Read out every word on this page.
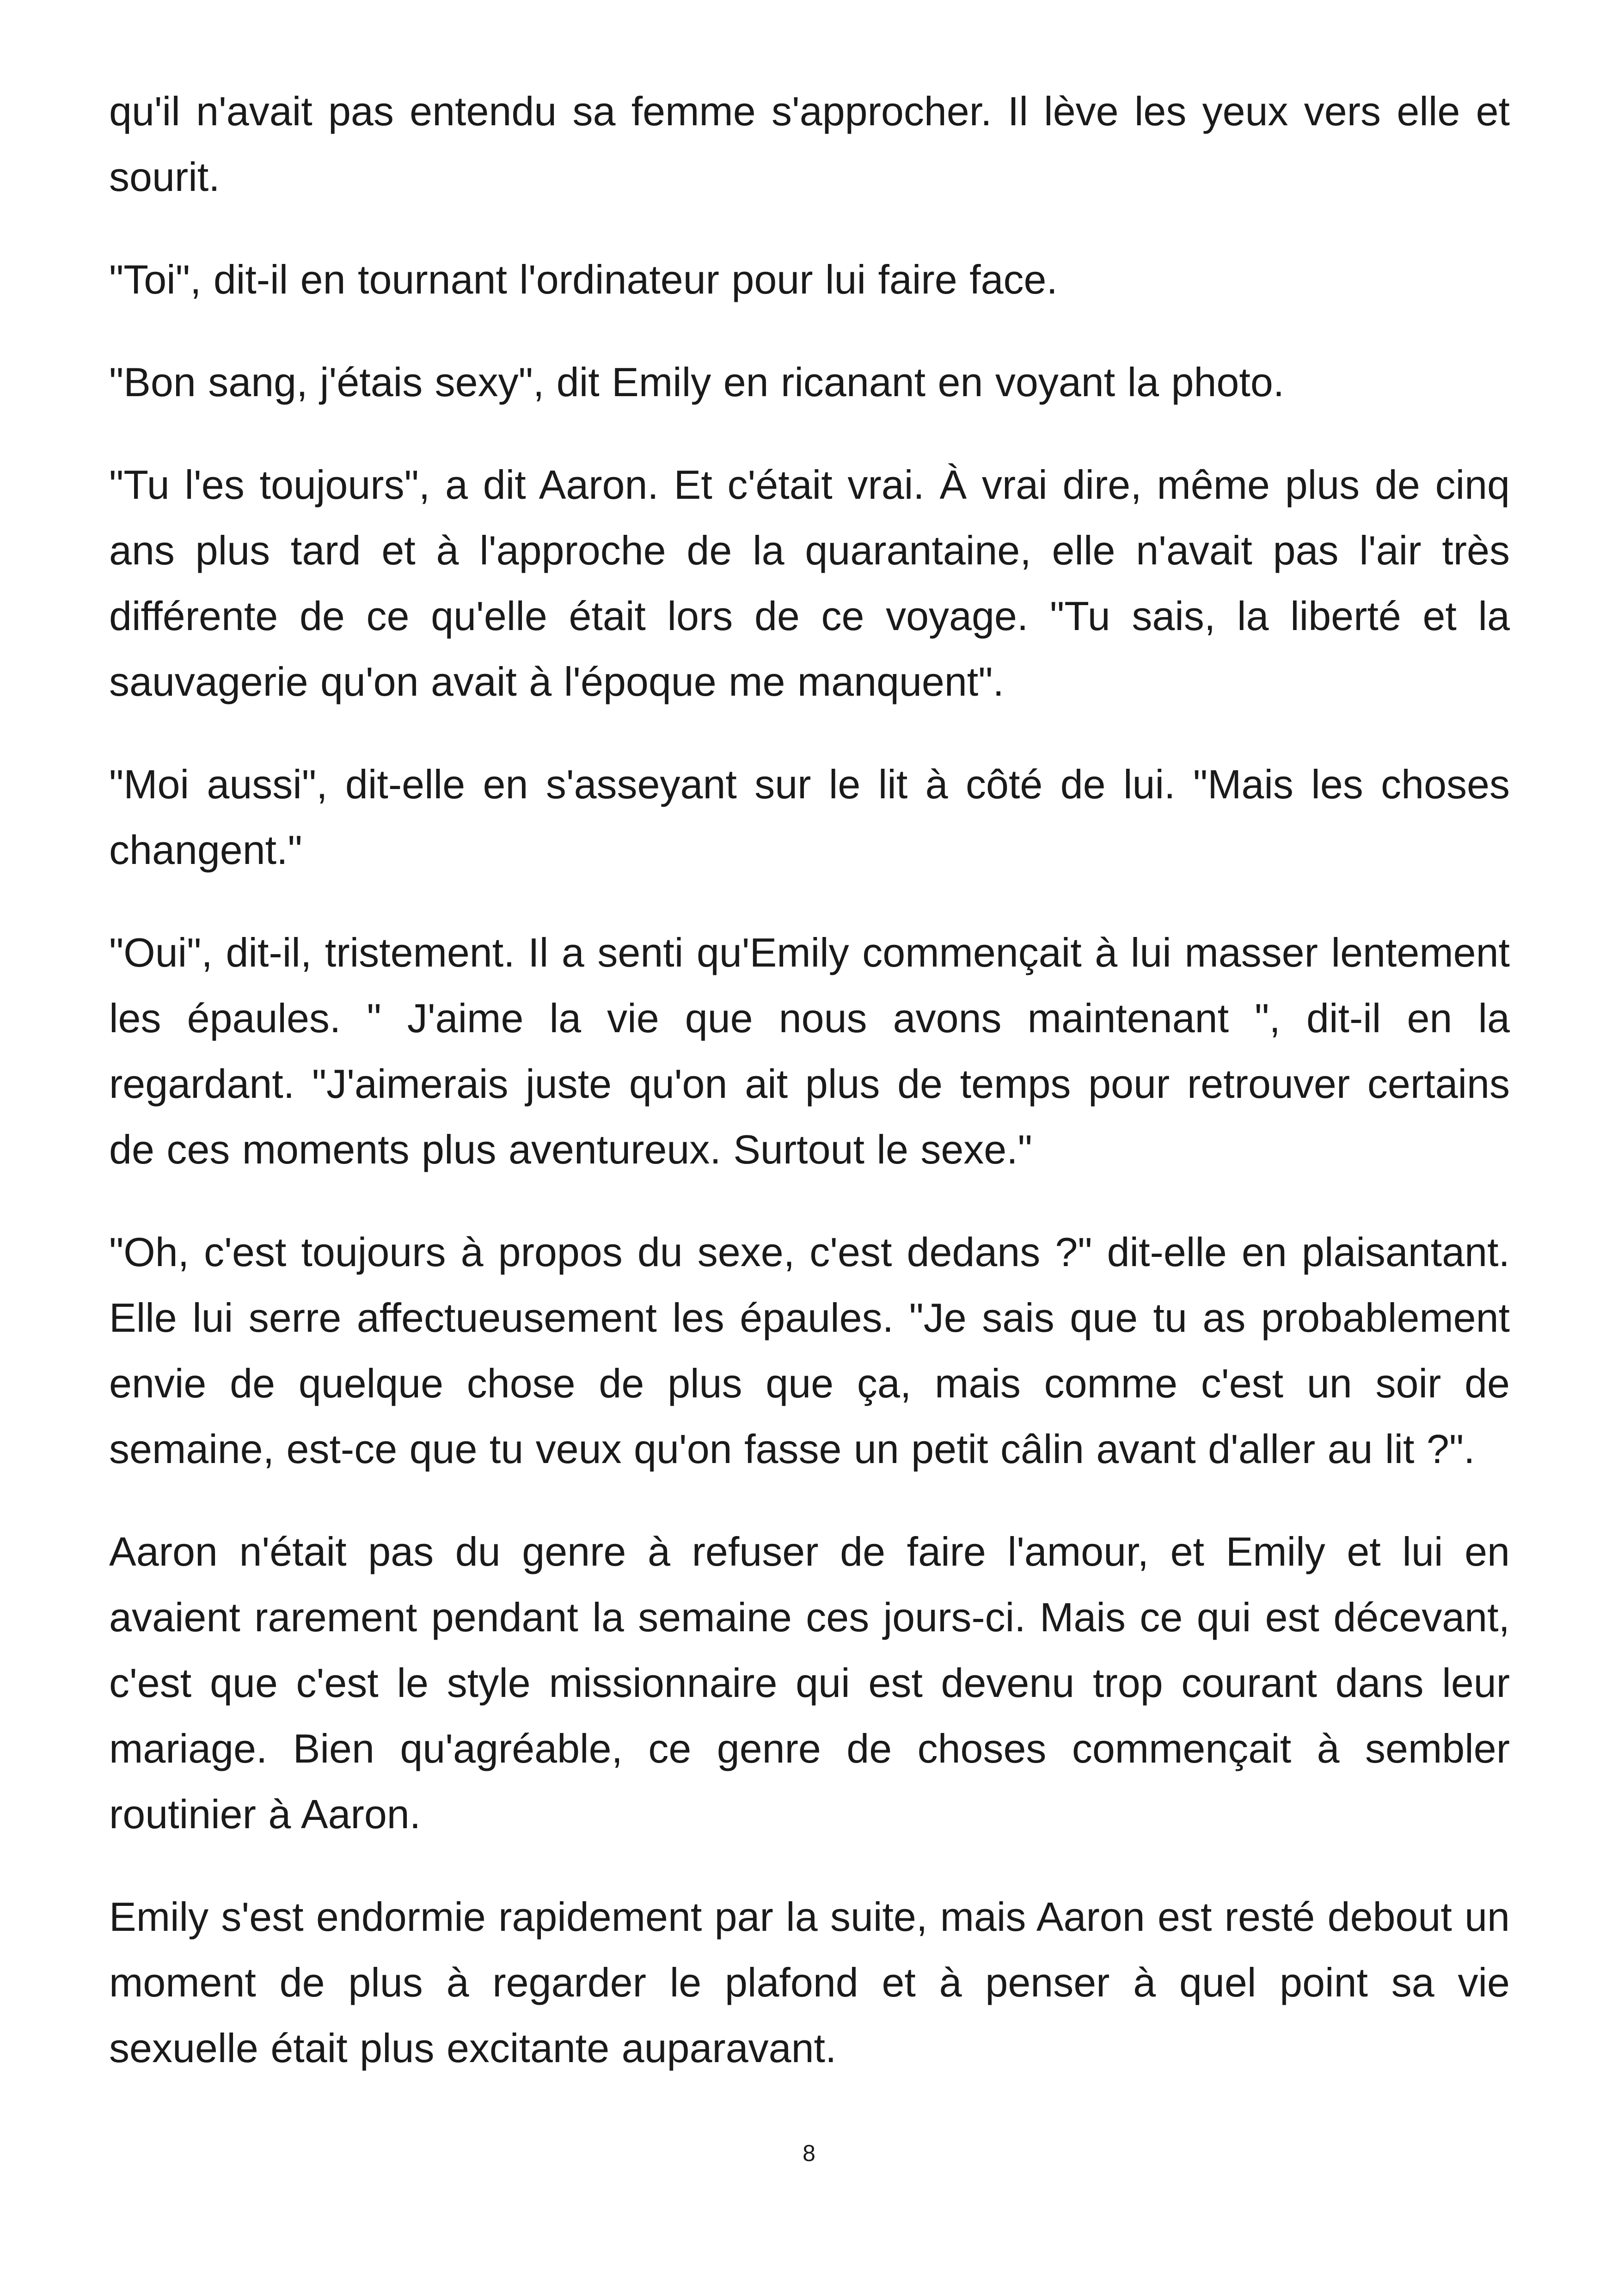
qu'il n'avait pas entendu sa femme s'approcher. Il lève les yeux vers elle et sourit.

"Toi", dit-il en tournant l'ordinateur pour lui faire face.

"Bon sang, j'étais sexy", dit Emily en ricanant en voyant la photo.

"Tu l'es toujours", a dit Aaron. Et c'était vrai. À vrai dire, même plus de cinq ans plus tard et à l'approche de la quarantaine, elle n'avait pas l'air très différente de ce qu'elle était lors de ce voyage. "Tu sais, la liberté et la sauvagerie qu'on avait à l'époque me manquent".

"Moi aussi", dit-elle en s'asseyant sur le lit à côté de lui. "Mais les choses changent."

"Oui", dit-il, tristement. Il a senti qu'Emily commençait à lui masser lentement les épaules. " J'aime la vie que nous avons maintenant ", dit-il en la regardant. "J'aimerais juste qu'on ait plus de temps pour retrouver certains de ces moments plus aventureux. Surtout le sexe."

"Oh, c'est toujours à propos du sexe, c'est dedans ?" dit-elle en plaisantant. Elle lui serre affectueusement les épaules. "Je sais que tu as probablement envie de quelque chose de plus que ça, mais comme c'est un soir de semaine, est-ce que tu veux qu'on fasse un petit câlin avant d'aller au lit ?".

Aaron n'était pas du genre à refuser de faire l'amour, et Emily et lui en avaient rarement pendant la semaine ces jours-ci. Mais ce qui est décevant, c'est que c'est le style missionnaire qui est devenu trop courant dans leur mariage. Bien qu'agréable, ce genre de choses commençait à sembler routinier à Aaron.

Emily s'est endormie rapidement par la suite, mais Aaron est resté debout un moment de plus à regarder le plafond et à penser à quel point sa vie sexuelle était plus excitante auparavant.

8
